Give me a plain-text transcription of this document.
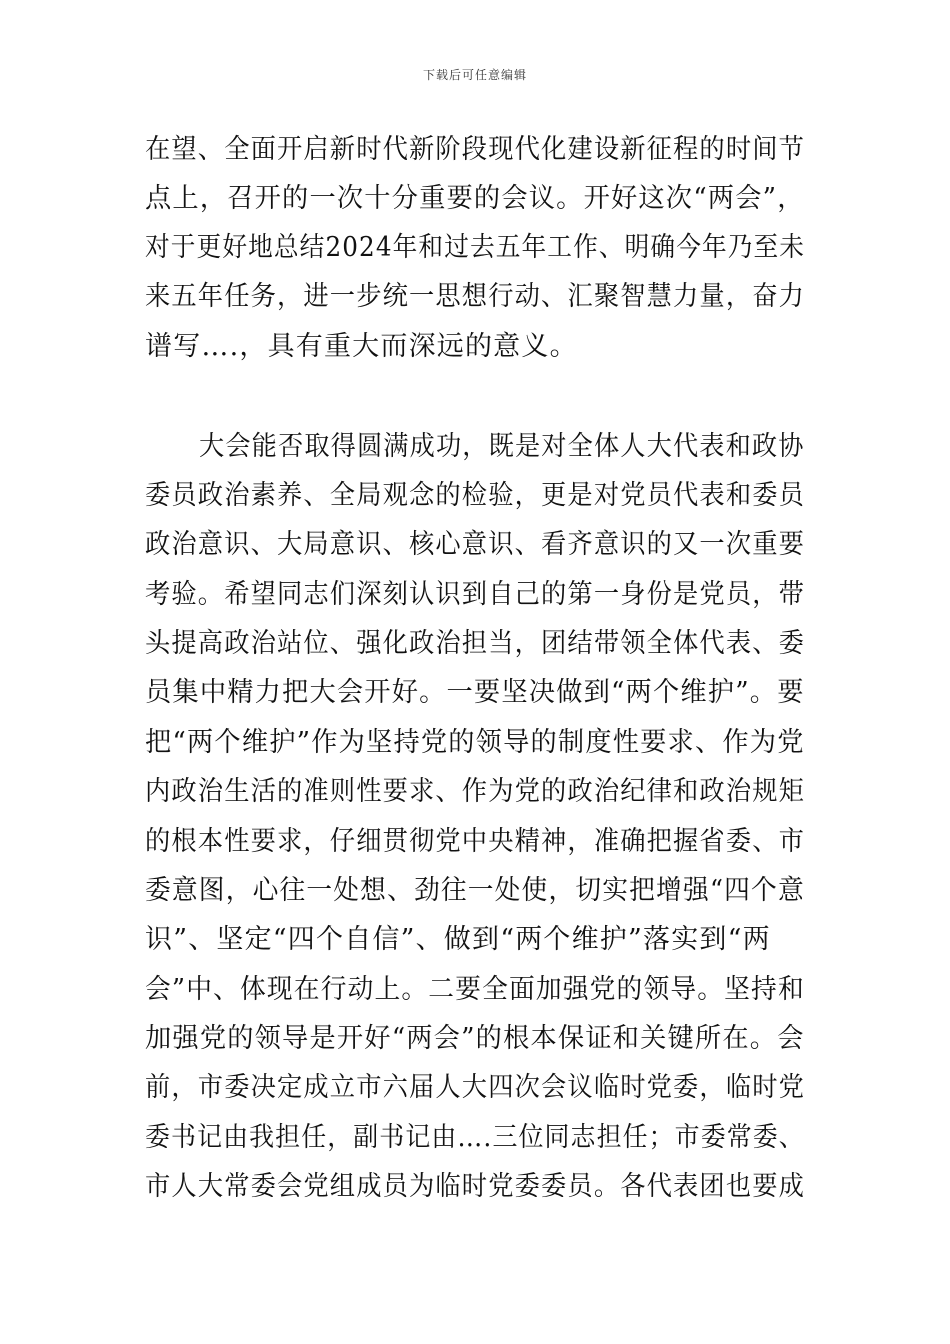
下载后可任意编辑
在望、全面开启新时代新阶段现代化建设新征程的时间节
点上，召开的一次十分重要的会议。开好这次“两会”，
对于更好地总结2024年和过去五年工作、明确今年乃至未
来五年任务，进一步统一思想行动、汇聚智慧力量，奋力
谱写….，具有重大而深远的意义。
大会能否取得圆满成功，既是对全体人大代表和政协
委员政治素养、全局观念的检验，更是对党员代表和委员
政治意识、大局意识、核心意识、看齐意识的又一次重要
考验。希望同志们深刻认识到自己的第一身份是党员，带
头提高政治站位、强化政治担当，团结带领全体代表、委
员集中精力把大会开好。一要坚决做到“两个维护”。要
把“两个维护”作为坚持党的领导的制度性要求、作为党
内政治生活的准则性要求、作为党的政治纪律和政治规矩
的根本性要求，仔细贯彻党中央精神，准确把握省委、市
委意图，心往一处想、劲往一处使，切实把增强“四个意
识”、坚定“四个自信”、做到“两个维护”落实到“两
会”中、体现在行动上。二要全面加强党的领导。坚持和
加强党的领导是开好“两会”的根本保证和关键所在。会
前，市委决定成立市六届人大四次会议临时党委，临时党
委书记由我担任，副书记由….三位同志担任；市委常委、
市人大常委会党组成员为临时党委委员。各代表团也要成
